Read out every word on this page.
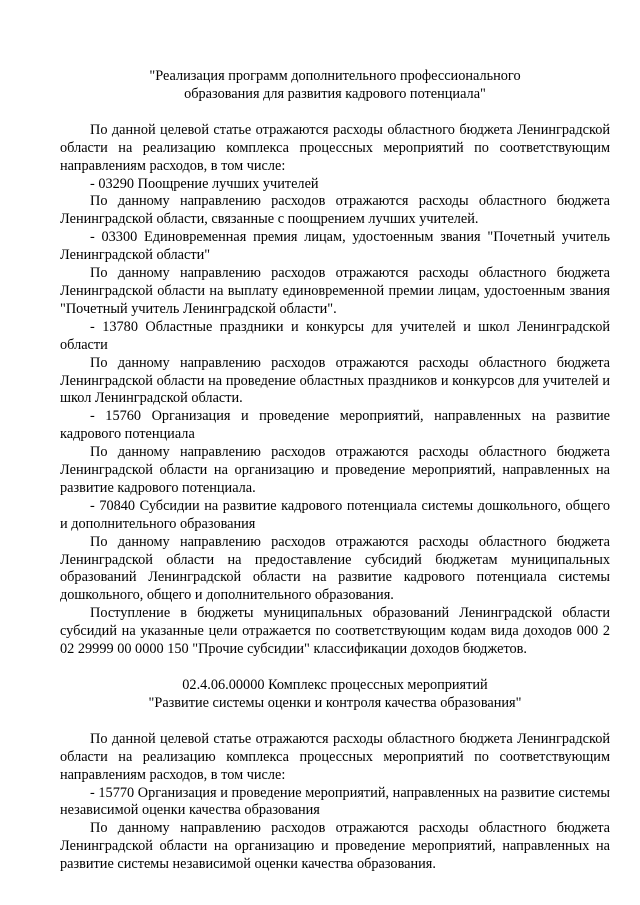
"Реализация программ дополнительного профессионального
образования для развития кадрового потенциала"

По данной целевой статье отражаются расходы областного бюджета Ленинградской области на реализацию комплекса процессных мероприятий по соответствующим направлениям расходов, в том числе:

- 03290 Поощрение лучших учителей

По данному направлению расходов отражаются расходы областного бюджета Ленинградской области, связанные с поощрением лучших учителей.

- 03300 Единовременная премия лицам, удостоенным звания "Почетный учитель Ленинградской области"

По данному направлению расходов отражаются расходы областного бюджета Ленинградской области на выплату единовременной премии лицам, удостоенным звания "Почетный учитель Ленинградской области".

- 13780 Областные праздники и конкурсы для учителей и школ Ленинградской области

По данному направлению расходов отражаются расходы областного бюджета Ленинградской области на проведение областных праздников и конкурсов для учителей и школ Ленинградской области.

- 15760 Организация и проведение мероприятий, направленных на развитие кадрового потенциала

По данному направлению расходов отражаются расходы областного бюджета Ленинградской области на организацию и проведение мероприятий, направленных на развитие кадрового потенциала.

- 70840 Субсидии на развитие кадрового потенциала системы дошкольного, общего и дополнительного образования

По данному направлению расходов отражаются расходы областного бюджета Ленинградской области на предоставление субсидий бюджетам муниципальных образований Ленинградской области на развитие кадрового потенциала системы дошкольного, общего и дополнительного образования.

Поступление в бюджеты муниципальных образований Ленинградской области субсидий на указанные цели отражается по соответствующим кодам вида доходов 000 2 02 29999 00 0000 150 "Прочие субсидии" классификации доходов бюджетов.

02.4.06.00000 Комплекс процессных мероприятий
"Развитие системы оценки и контроля качества образования"

По данной целевой статье отражаются расходы областного бюджета Ленинградской области на реализацию комплекса процессных мероприятий по соответствующим направлениям расходов, в том числе:

- 15770 Организация и проведение мероприятий, направленных на развитие системы независимой оценки качества образования

По данному направлению расходов отражаются расходы областного бюджета Ленинградской области на организацию и проведение мероприятий, направленных на развитие системы независимой оценки качества образования.
